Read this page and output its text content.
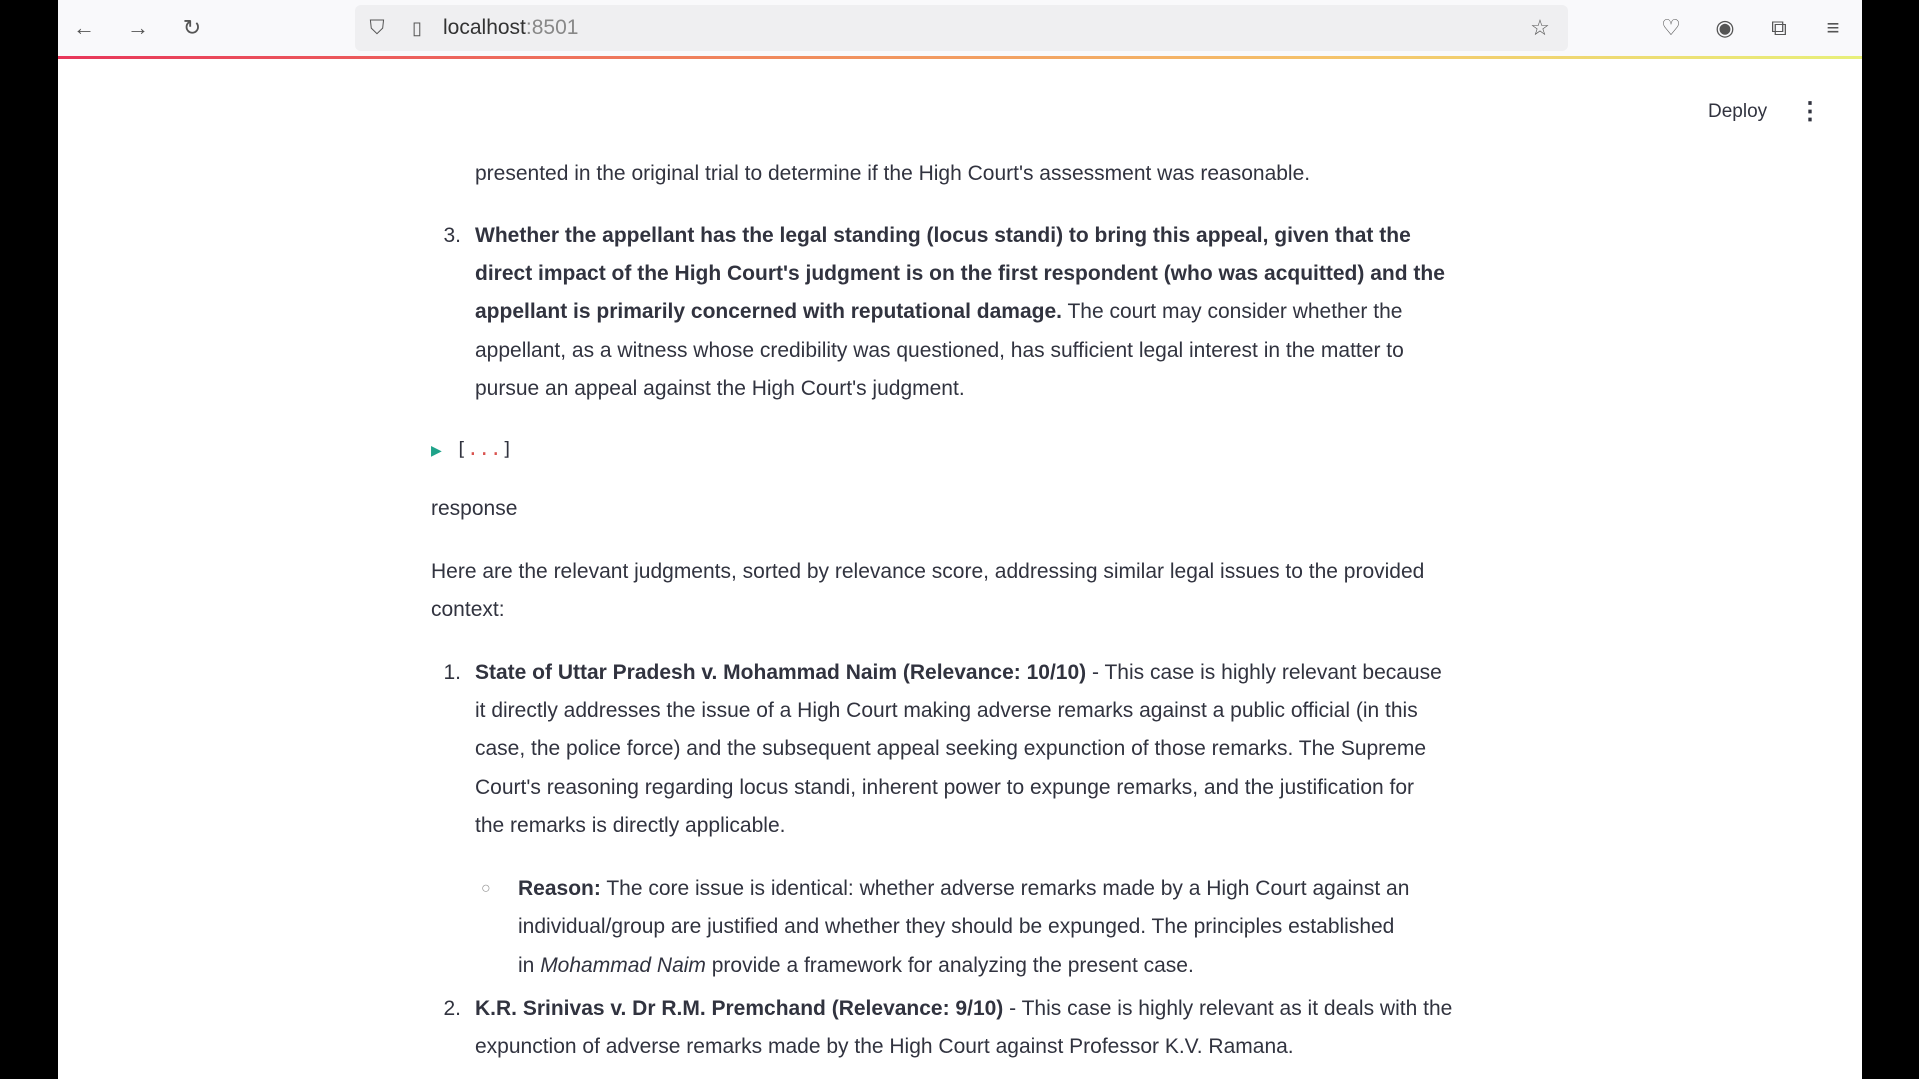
← →	↻	⛉	▯	localhost:8501	☆	♡ ◉	⧉	≡
Deploy ⋮
presented in the original trial to determine if the High Court's assessment was reasonable.
3. Whether the appellant has the legal standing (locus standi) to bring this appeal, given that the
direct impact of the High Court's judgment is on the first respondent (who was acquitted) and the
appellant is primarily concerned with reputational damage. The court may consider whether the
appellant, as a witness whose credibility was questioned, has sufficient legal interest in the matter to
pursue an appeal against the High Court's judgment.
▶ [...]
response
Here are the relevant judgments, sorted by relevance score, addressing similar legal issues to the provided
context:
1. State of Uttar Pradesh v. Mohammad Naim (Relevance: 10/10) - This case is highly relevant because
it directly addresses the issue of a High Court making adverse remarks against a public official (in this
case, the police force) and the subsequent appeal seeking expunction of those remarks. The Supreme
Court's reasoning regarding locus standi, inherent power to expunge remarks, and the justification for
the remarks is directly applicable.
○ Reason: The core issue is identical: whether adverse remarks made by a High Court against an
individual/group are justified and whether they should be expunged. The principles established
in Mohammad Naim provide a framework for analyzing the present case.
2. K.R. Srinivas v. Dr R.M. Premchand (Relevance: 9/10) - This case is highly relevant as it deals with the
expunction of adverse remarks made by the High Court against Professor K.V. Ramana.
